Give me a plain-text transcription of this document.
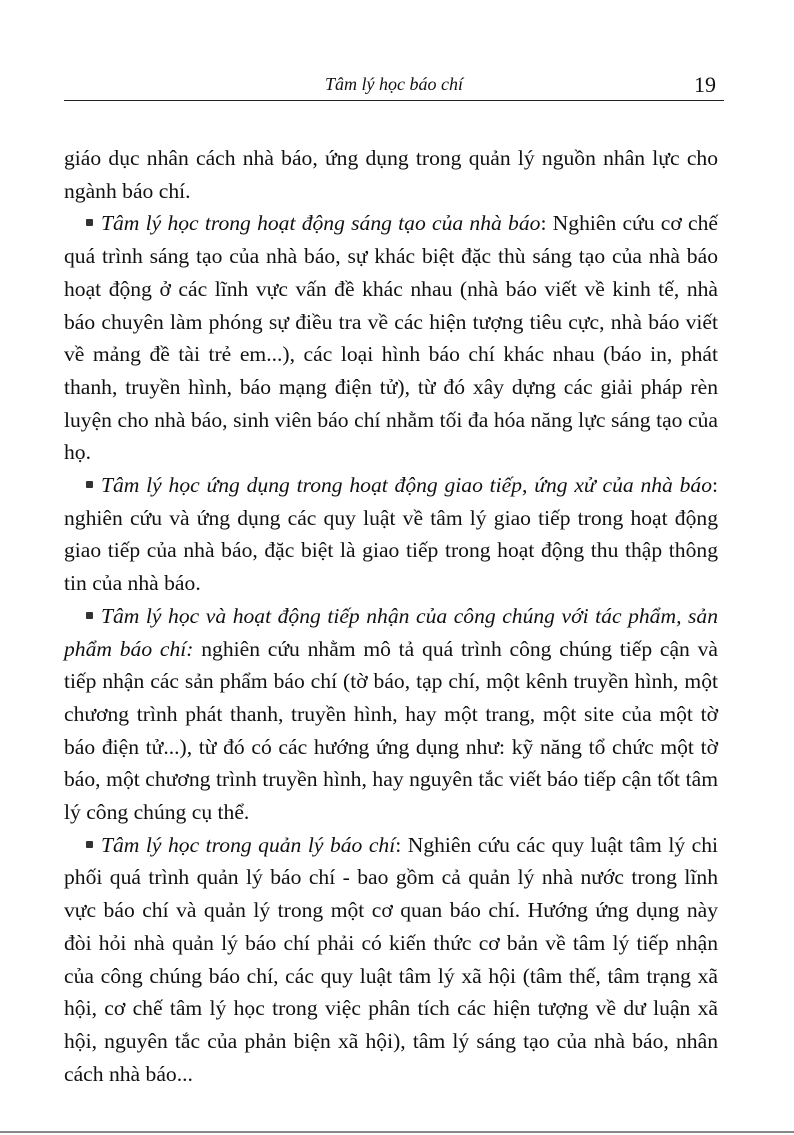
Tâm lý học báo chí	19

giáo dục nhân cách nhà báo, ứng dụng trong quản lý nguồn nhân lực cho ngành báo chí.

Tâm lý học trong hoạt động sáng tạo của nhà báo: Nghiên cứu cơ chế quá trình sáng tạo của nhà báo, sự khác biệt đặc thù sáng tạo của nhà báo hoạt động ở các lĩnh vực vấn đề khác nhau (nhà báo viết về kinh tế, nhà báo chuyên làm phóng sự điều tra về các hiện tượng tiêu cực, nhà báo viết về mảng đề tài trẻ em...), các loại hình báo chí khác nhau (báo in, phát thanh, truyền hình, báo mạng điện tử), từ đó xây dựng các giải pháp rèn luyện cho nhà báo, sinh viên báo chí nhằm tối đa hóa năng lực sáng tạo của họ.

Tâm lý học ứng dụng trong hoạt động giao tiếp, ứng xử của nhà báo: nghiên cứu và ứng dụng các quy luật về tâm lý giao tiếp trong hoạt động giao tiếp của nhà báo, đặc biệt là giao tiếp trong hoạt động thu thập thông tin của nhà báo.

Tâm lý học và hoạt động tiếp nhận của công chúng với tác phẩm, sản phẩm báo chí: nghiên cứu nhằm mô tả quá trình công chúng tiếp cận và tiếp nhận các sản phẩm báo chí (tờ báo, tạp chí, một kênh truyền hình, một chương trình phát thanh, truyền hình, hay một trang, một site của một tờ báo điện tử...), từ đó có các hướng ứng dụng như: kỹ năng tổ chức một tờ báo, một chương trình truyền hình, hay nguyên tắc viết báo tiếp cận tốt tâm lý công chúng cụ thể.

Tâm lý học trong quản lý báo chí: Nghiên cứu các quy luật tâm lý chi phối quá trình quản lý báo chí - bao gồm cả quản lý nhà nước trong lĩnh vực báo chí và quản lý trong một cơ quan báo chí. Hướng ứng dụng này đòi hỏi nhà quản lý báo chí phải có kiến thức cơ bản về tâm lý tiếp nhận của công chúng báo chí, các quy luật tâm lý xã hội (tâm thế, tâm trạng xã hội, cơ chế tâm lý học trong việc phân tích các hiện tượng về dư luận xã hội, nguyên tắc của phản biện xã hội), tâm lý sáng tạo của nhà báo, nhân cách nhà báo...
